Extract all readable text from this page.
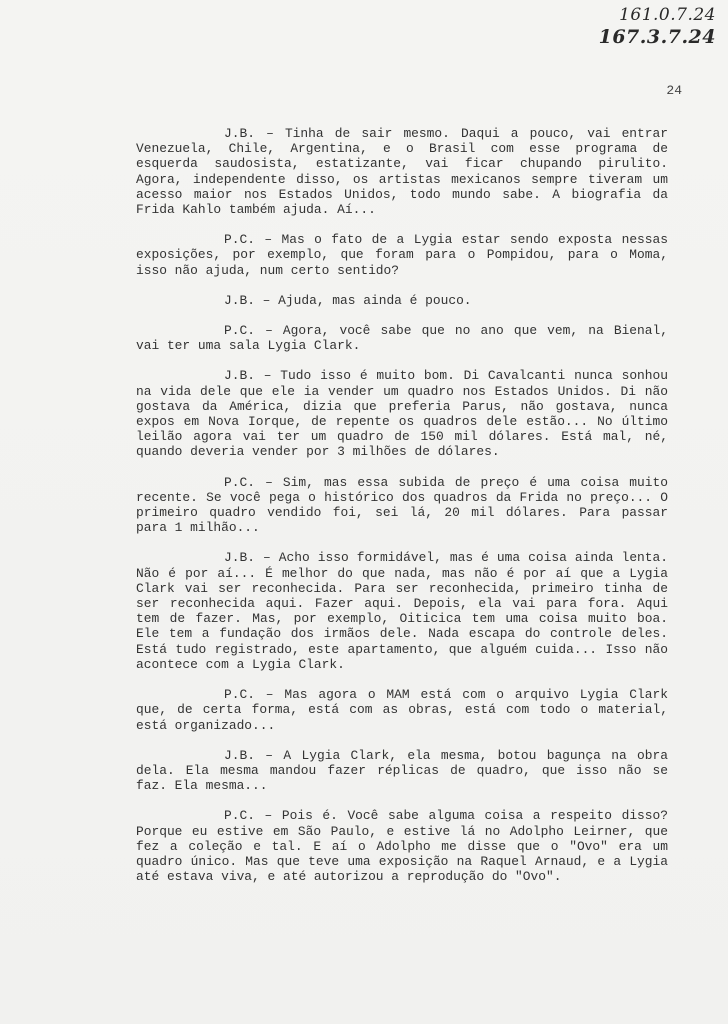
161.0.7.24
167.3.7.24
24

J.B. – Tinha de sair mesmo. Daqui a pouco, vai entrar Venezuela, Chile, Argentina, e o Brasil com esse programa de esquerda saudosista, estatizante, vai ficar chupando pirulito. Agora, independente disso, os artistas mexicanos sempre tiveram um acesso maior nos Estados Unidos, todo mundo sabe. A biografia da Frida Kahlo também ajuda. Aí...

P.C. – Mas o fato de a Lygia estar sendo exposta nessas exposições, por exemplo, que foram para o Pompidou, para o Moma, isso não ajuda, num certo sentido?

J.B. – Ajuda, mas ainda é pouco.

P.C. – Agora, você sabe que no ano que vem, na Bienal, vai ter uma sala Lygia Clark.

J.B. – Tudo isso é muito bom. Di Cavalcanti nunca sonhou na vida dele que ele ia vender um quadro nos Estados Unidos. Di não gostava da América, dizia que preferia Parus, não gostava, nunca expos em Nova Iorque, de repente os quadros dele estão... No último leilão agora vai ter um quadro de 150 mil dólares. Está mal, né, quando deveria vender por 3 milhões de dólares.

P.C. – Sim, mas essa subida de preço é uma coisa muito recente. Se você pega o histórico dos quadros da Frida no preço... O primeiro quadro vendido foi, sei lá, 20 mil dólares. Para passar para 1 milhão...

J.B. – Acho isso formidável, mas é uma coisa ainda lenta. Não é por aí... É melhor do que nada, mas não é por aí que a Lygia Clark vai ser reconhecida. Para ser reconhecida, primeiro tinha de ser reconhecida aqui. Fazer aqui. Depois, ela vai para fora. Aqui tem de fazer. Mas, por exemplo, Oiticica tem uma coisa muito boa. Ele tem a fundação dos irmãos dele. Nada escapa do controle deles. Está tudo registrado, este apartamento, que alguém cuida... Isso não acontece com a Lygia Clark.

P.C. – Mas agora o MAM está com o arquivo Lygia Clark que, de certa forma, está com as obras, está com todo o material, está organizado...

J.B. – A Lygia Clark, ela mesma, botou bagunça na obra dela. Ela mesma mandou fazer réplicas de quadro, que isso não se faz. Ela mesma...

P.C. – Pois é. Você sabe alguma coisa a respeito disso? Porque eu estive em São Paulo, e estive lá no Adolpho Leirner, que fez a coleção e tal. E aí o Adolpho me disse que o "Ovo" era um quadro único. Mas que teve uma exposição na Raquel Arnaud, e a Lygia até estava viva, e até autorizou a reprodução do "Ovo".
